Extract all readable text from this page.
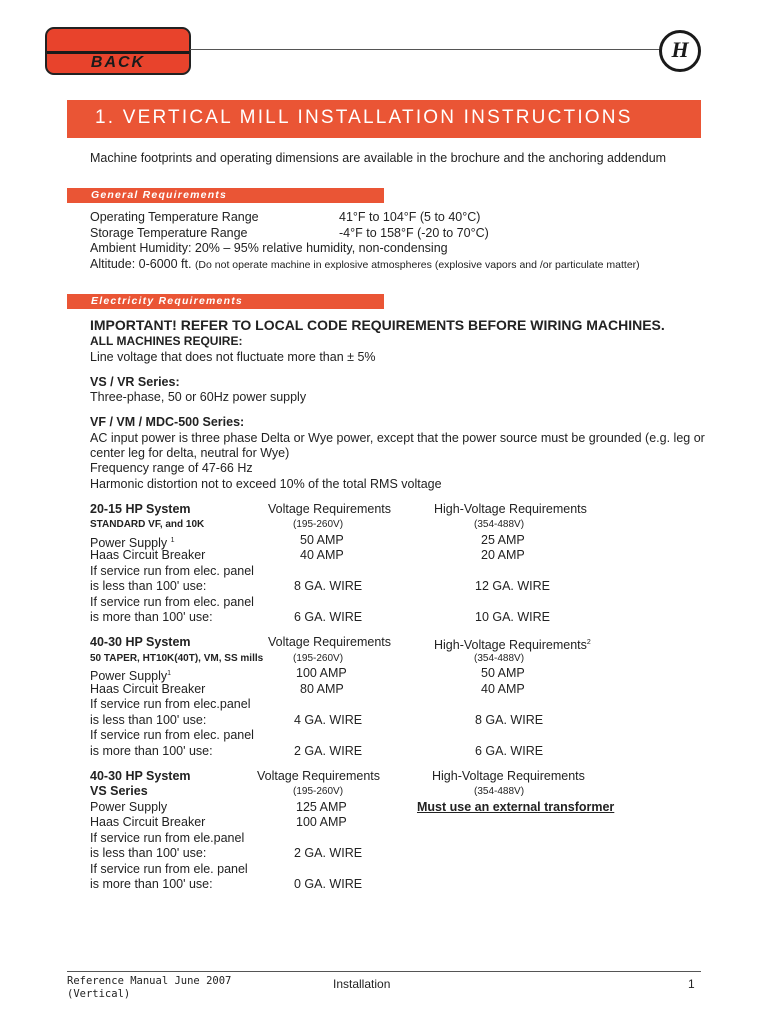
BACK
H
1. VERTICAL MILL INSTALLATION INSTRUCTIONS
Machine footprints and operating dimensions are available in the brochure and the anchoring addendum
General Requirements
Operating Temperature Range	41°F to 104°F (5 to 40°C)
Storage Temperature Range	-4°F to 158°F (-20 to 70°C)
Ambient Humidity: 20% – 95% relative humidity, non-condensing
Altitude: 0-6000 ft. (Do not operate machine in explosive atmospheres (explosive vapors and /or particulate matter)
Electricity Requirements
IMPORTANT! REFER TO LOCAL CODE REQUIREMENTS BEFORE WIRING MACHINES.
ALL MACHINES REQUIRE:
Line voltage that does not fluctuate more than ± 5%
VS / VR Series:
Three-phase, 50 or 60Hz power supply
VF / VM / MDC-500 Series:
AC input power is three phase Delta or Wye power, except that the power source must be grounded (e.g. leg or
center leg for delta, neutral for Wye)
Frequency range of 47-66 Hz
Harmonic distortion not to exceed 10% of the total RMS voltage
20-15 HP System	Voltage Requirements	High-Voltage Requirements
STANDARD VF, and 10K	(195-260V)	(354-488V)
Power Supply $^1$	50 AMP	25 AMP
Haas Circuit Breaker	40 AMP	20 AMP
If service run from elec. panel
is less than 100' use:	8 GA. WIRE	12 GA. WIRE
If service run from elec. panel
is more than 100' use:	6 GA. WIRE	10 GA. WIRE
40-30 HP System	Voltage Requirements	High-Voltage Requirements$^2$
50 TAPER, HT10K(40T), VM, SS mills	(195-260V)	(354-488V)
Power Supply$^1$	100 AMP	50 AMP
Haas Circuit Breaker	80 AMP	40 AMP
If service run from elec.panel
is less than 100' use:	4 GA. WIRE	8 GA. WIRE
If service run from elec. panel
is more than 100' use:	2 GA. WIRE	6 GA. WIRE
40-30 HP System	Voltage Requirements	High-Voltage Requirements
VS Series	(195-260V)	(354-488V)
Power Supply	125 AMP	Must use an external transformer
Haas Circuit Breaker	100 AMP
If service run from ele.panel
is less than 100' use:	2 GA. WIRE
If service run from ele. panel
is more than 100' use:	0 GA. WIRE
Reference Manual June 2007
(Vertical)
Installation	1
